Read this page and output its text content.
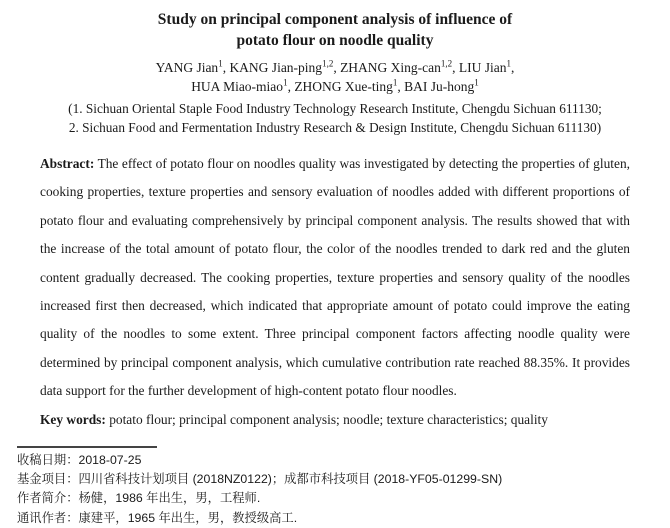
Study on principal component analysis of influence of
potato flour on noodle quality
YANG Jian$^1$, KANG Jian-ping$^{1,2}$, ZHANG Xing-can$^{1,2}$, LIU Jian$^1$,
HUA Miao-miao$^1$, ZHONG Xue-ting$^1$, BAI Ju-hong$^1$
(1. Sichuan Oriental Staple Food Industry Technology Research Institute, Chengdu Sichuan 611130;
2. Sichuan Food and Fermentation Industry Research & Design Institute, Chengdu Sichuan 611130)

Abstract: The effect of potato flour on noodles quality was investigated by detecting the properties of gluten, cooking properties, texture properties and sensory evaluation of noodles added with different proportions of potato flour and evaluating comprehensively by principal component analysis. The results showed that with the increase of the total amount of potato flour, the color of the noodles trended to dark red and the gluten content gradually decreased. The cooking properties, texture properties and sensory quality of the noodles increased first then decreased, which indicated that appropriate amount of potato could improve the eating quality of the noodles to some extent. Three principal component factors affecting noodle quality were determined by principal component analysis, which cumulative contribution rate reached 88.35%. It provides data support for the further development of high-content potato flour noodles.

Key words: potato flour; principal component analysis; noodle; texture characteristics; quality

收稿日期：2018-07-25
基金项目：四川省科技计划项目 (2018NZ0122)；成都市科技项目 (2018-YF05-01299-SN)
作者简介：杨健，1986 年出生，男，工程师.
通讯作者：康建平，1965 年出生，男，教授级高工.
